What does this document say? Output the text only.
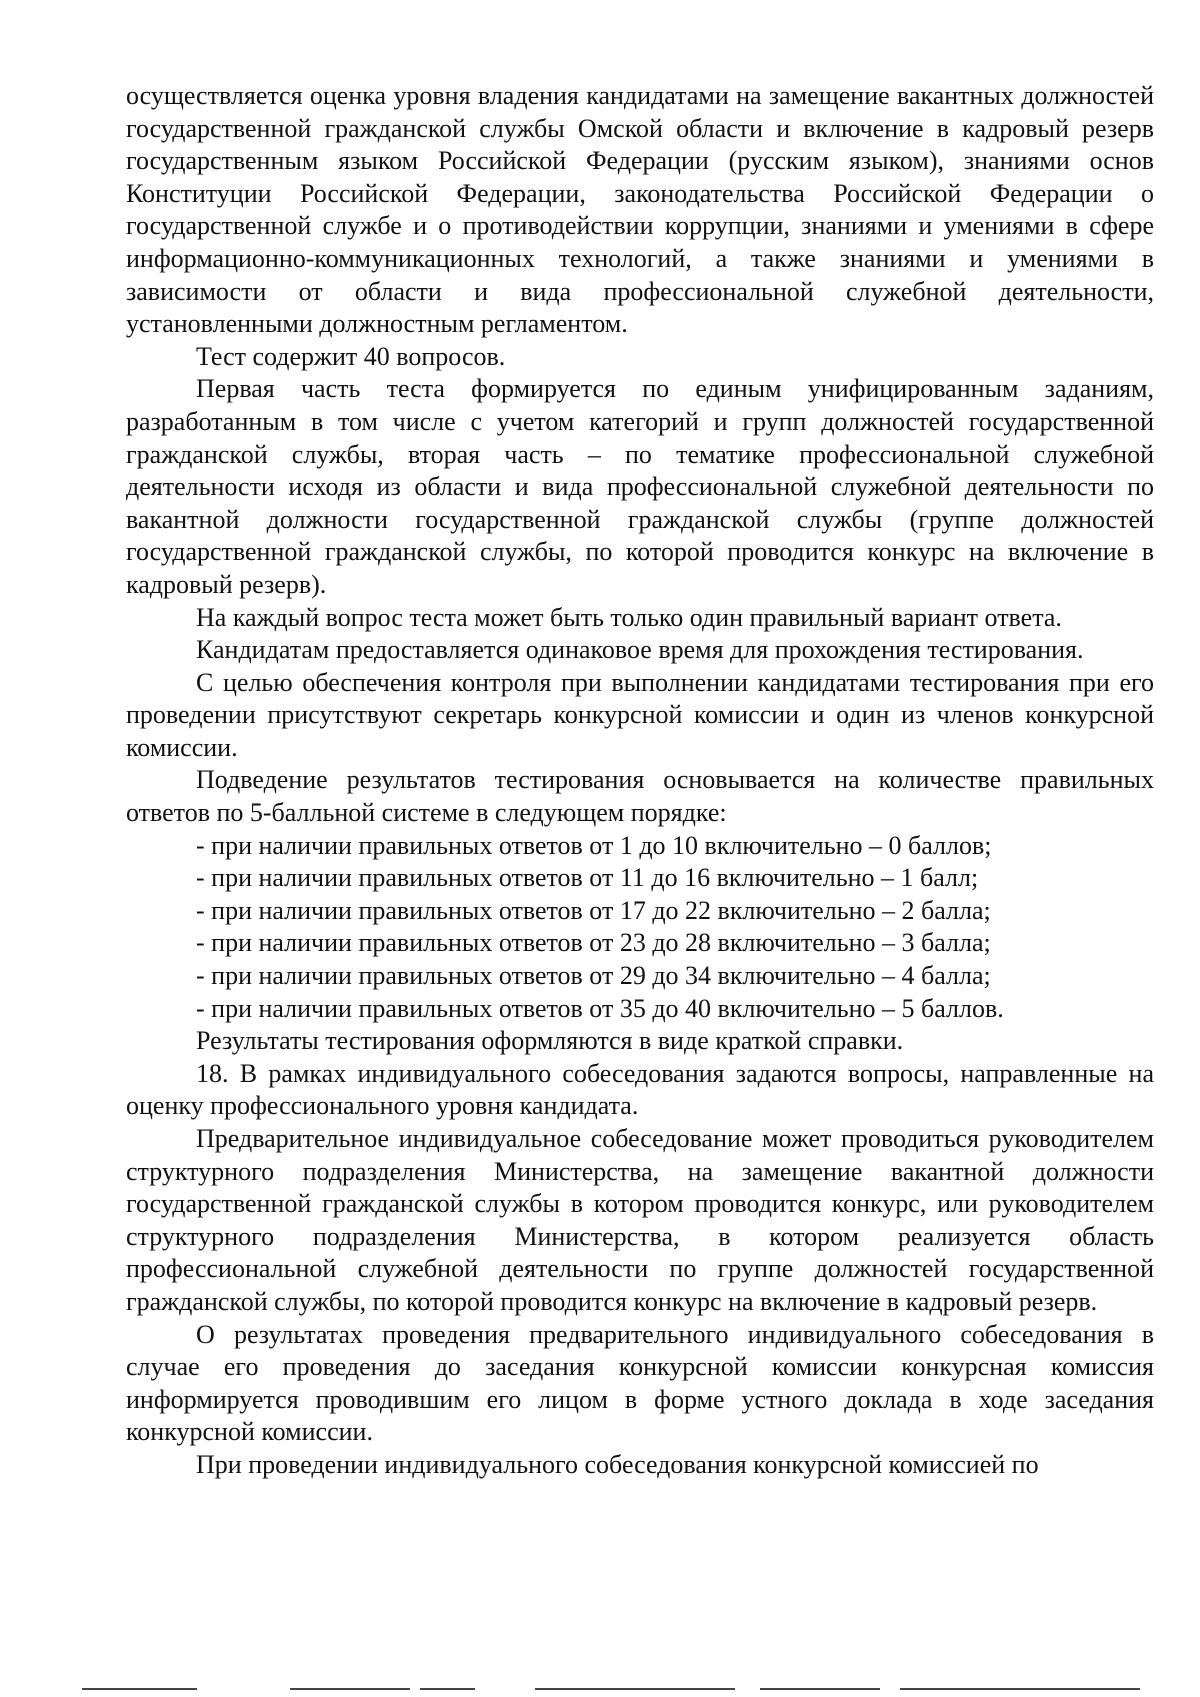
осуществляется оценка уровня владения кандидатами на замещение вакантных должностей государственной гражданской службы Омской области и включение в кадровый резерв государственным языком Российской Федерации (русским языком), знаниями основ Конституции Российской Федерации, законодательства Российской Федерации о государственной службе и о противодействии коррупции, знаниями и умениями в сфере информационно-коммуникационных технологий, а также знаниями и умениями в зависимости от области и вида профессиональной служебной деятельности, установленными должностным регламентом.

Тест содержит 40 вопросов.

Первая часть теста формируется по единым унифицированным заданиям, разработанным в том числе с учетом категорий и групп должностей государственной гражданской службы, вторая часть – по тематике профессиональной служебной деятельности исходя из области и вида профессиональной служебной деятельности по вакантной должности государственной гражданской службы (группе должностей государственной гражданской службы, по которой проводится конкурс на включение в кадровый резерв).

На каждый вопрос теста может быть только один правильный вариант ответа.

Кандидатам предоставляется одинаковое время для прохождения тестирования.

С целью обеспечения контроля при выполнении кандидатами тестирования при его проведении присутствуют секретарь конкурсной комиссии и один из членов конкурсной комиссии.

Подведение результатов тестирования основывается на количестве правильных ответов по 5-балльной системе в следующем порядке:

- при наличии правильных ответов от 1 до 10 включительно – 0 баллов;

- при наличии правильных ответов от 11 до 16 включительно – 1 балл;

- при наличии правильных ответов от 17 до 22 включительно – 2 балла;

- при наличии правильных ответов от 23 до 28 включительно – 3 балла;

- при наличии правильных ответов от 29 до 34 включительно – 4 балла;

- при наличии правильных ответов от 35 до 40 включительно – 5 баллов.

Результаты тестирования оформляются в виде краткой справки.

18. В рамках индивидуального собеседования задаются вопросы, направленные на оценку профессионального уровня кандидата.

Предварительное индивидуальное собеседование может проводиться руководителем структурного подразделения Министерства, на замещение вакантной должности государственной гражданской службы в котором проводится конкурс, или руководителем структурного подразделения Министерства, в котором реализуется область профессиональной служебной деятельности по группе должностей государственной гражданской службы, по которой проводится конкурс на включение в кадровый резерв.

О результатах проведения предварительного индивидуального собеседования в случае его проведения до заседания конкурсной комиссии конкурсная комиссия информируется проводившим его лицом в форме устного доклада в ходе заседания конкурсной комиссии.

При проведении индивидуального собеседования конкурсной комиссией по
